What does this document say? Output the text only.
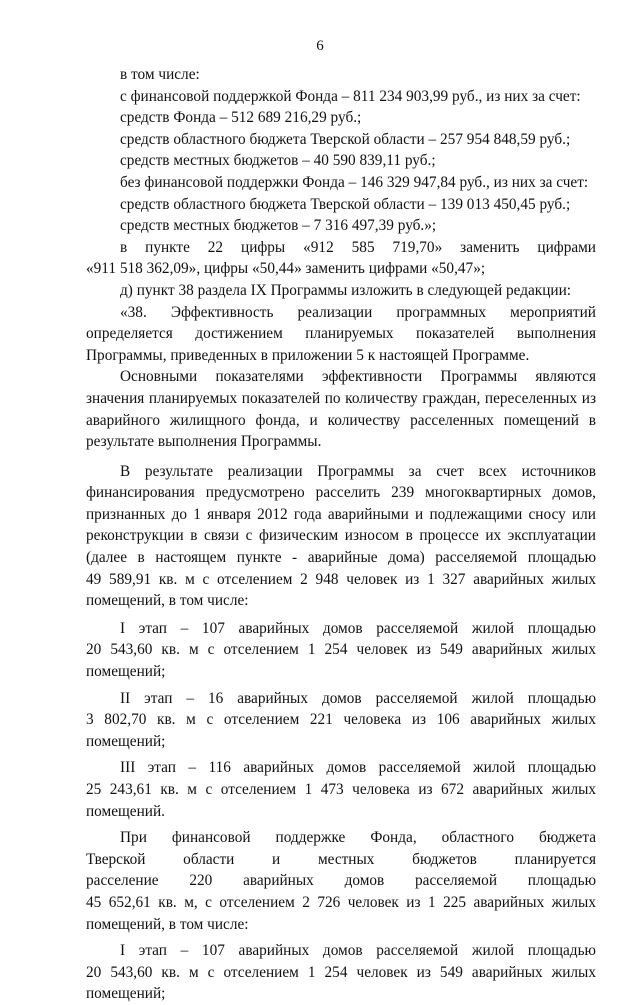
6
в том числе:
с финансовой поддержкой Фонда – 811 234 903,99 руб., из них за счет:
средств Фонда – 512 689 216,29 руб.;
средств областного бюджета Тверской области – 257 954 848,59 руб.;
средств местных бюджетов – 40 590 839,11 руб.;
без финансовой поддержки Фонда – 146 329 947,84 руб., из них за счет:
средств областного бюджета Тверской области – 139 013 450,45 руб.;
средств местных бюджетов – 7 316 497,39 руб.»;
в пункте 22 цифры «912 585 719,70» заменить цифрами
«911 518 362,09», цифры «50,44» заменить цифрами «50,47»;
д) пункт 38 раздела IX Программы изложить в следующей редакции:
«38. Эффективность реализации программных мероприятий
определяется достижением планируемых показателей выполнения
Программы, приведенных в приложении 5 к настоящей Программе.
Основными показателями эффективности Программы являются
значения планируемых показателей по количеству граждан, переселенных из
аварийного жилищного фонда, и количеству расселенных помещений в
результате выполнения Программы.
В результате реализации Программы за счет всех источников
финансирования предусмотрено расселить 239 многоквартирных домов,
признанных до 1 января 2012 года аварийными и подлежащими сносу или
реконструкции в связи с физическим износом в процессе их эксплуатации
(далее в настоящем пункте - аварийные дома) расселяемой площадью
49 589,91 кв. м с отселением 2 948 человек из 1 327 аварийных жилых
помещений, в том числе:
I этап – 107 аварийных домов расселяемой жилой площадью
20 543,60 кв. м с отселением 1 254 человек из 549 аварийных жилых
помещений;
II этап – 16 аварийных домов расселяемой жилой площадью
3 802,70 кв. м с отселением 221 человека из 106 аварийных жилых
помещений;
III этап – 116 аварийных домов расселяемой жилой площадью
25 243,61 кв. м с отселением 1 473 человека из 672 аварийных жилых
помещений.
При финансовой поддержке Фонда, областного бюджета
Тверской области и местных бюджетов планируется
расселение 220 аварийных домов расселяемой площадью
45 652,61 кв. м, с отселением 2 726 человек из 1 225 аварийных жилых
помещений, в том числе:
I этап – 107 аварийных домов расселяемой жилой площадью
20 543,60 кв. м с отселением 1 254 человек из 549 аварийных жилых
помещений;
